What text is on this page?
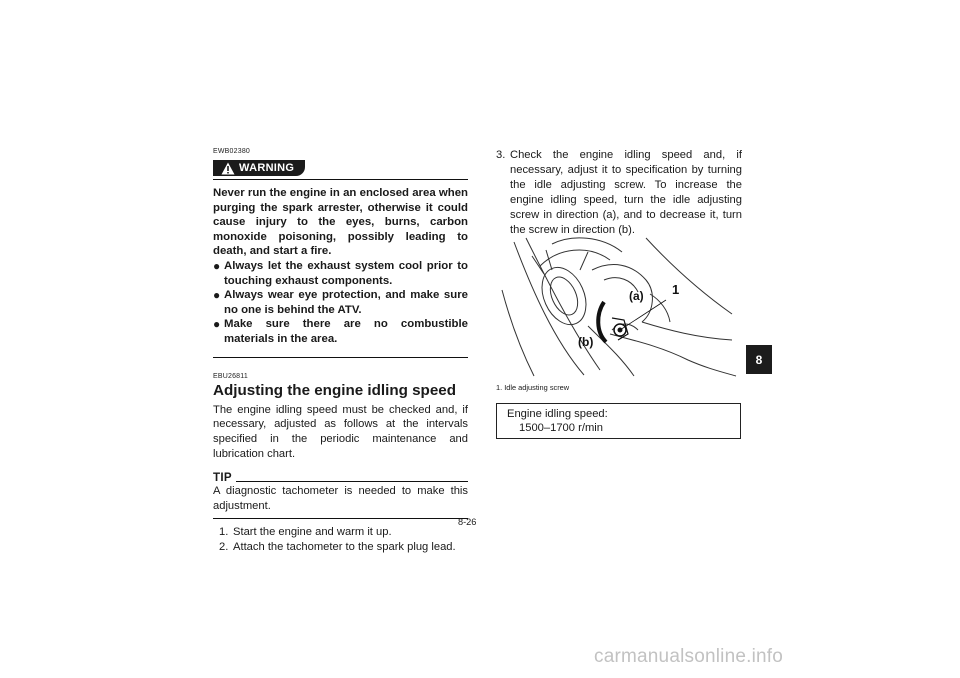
EWB02380

WARNING

Never run the engine in an enclosed area when purging the spark arrester, otherwise it could cause injury to the eyes, burns, carbon monoxide poisoning, possibly leading to death, and start a fire.

● Always let the exhaust system cool prior to touching exhaust components.
● Always wear eye protection, and make sure no one is behind the ATV.
● Make sure there are no combustible materials in the area.

EBU26811

Adjusting the engine idling speed

The engine idling speed must be checked and, if necessary, adjusted as follows at the intervals specified in the periodic maintenance and lubrication chart.

TIP

A diagnostic tachometer is needed to make this adjustment.

1. Start the engine and warm it up.
2. Attach the tachometer to the spark plug lead.
3. Check the engine idling speed and, if necessary, adjust it to specification by turning the idle adjusting screw. To increase the engine idling speed, turn the idle adjusting screw in direction (a), and to decrease it, turn the screw in direction (b).
(a)
(b)
1
1. Idle adjusting screw
Engine idling speed:
1500–1700 r/min
8-26
8
carmanualsonline.info
